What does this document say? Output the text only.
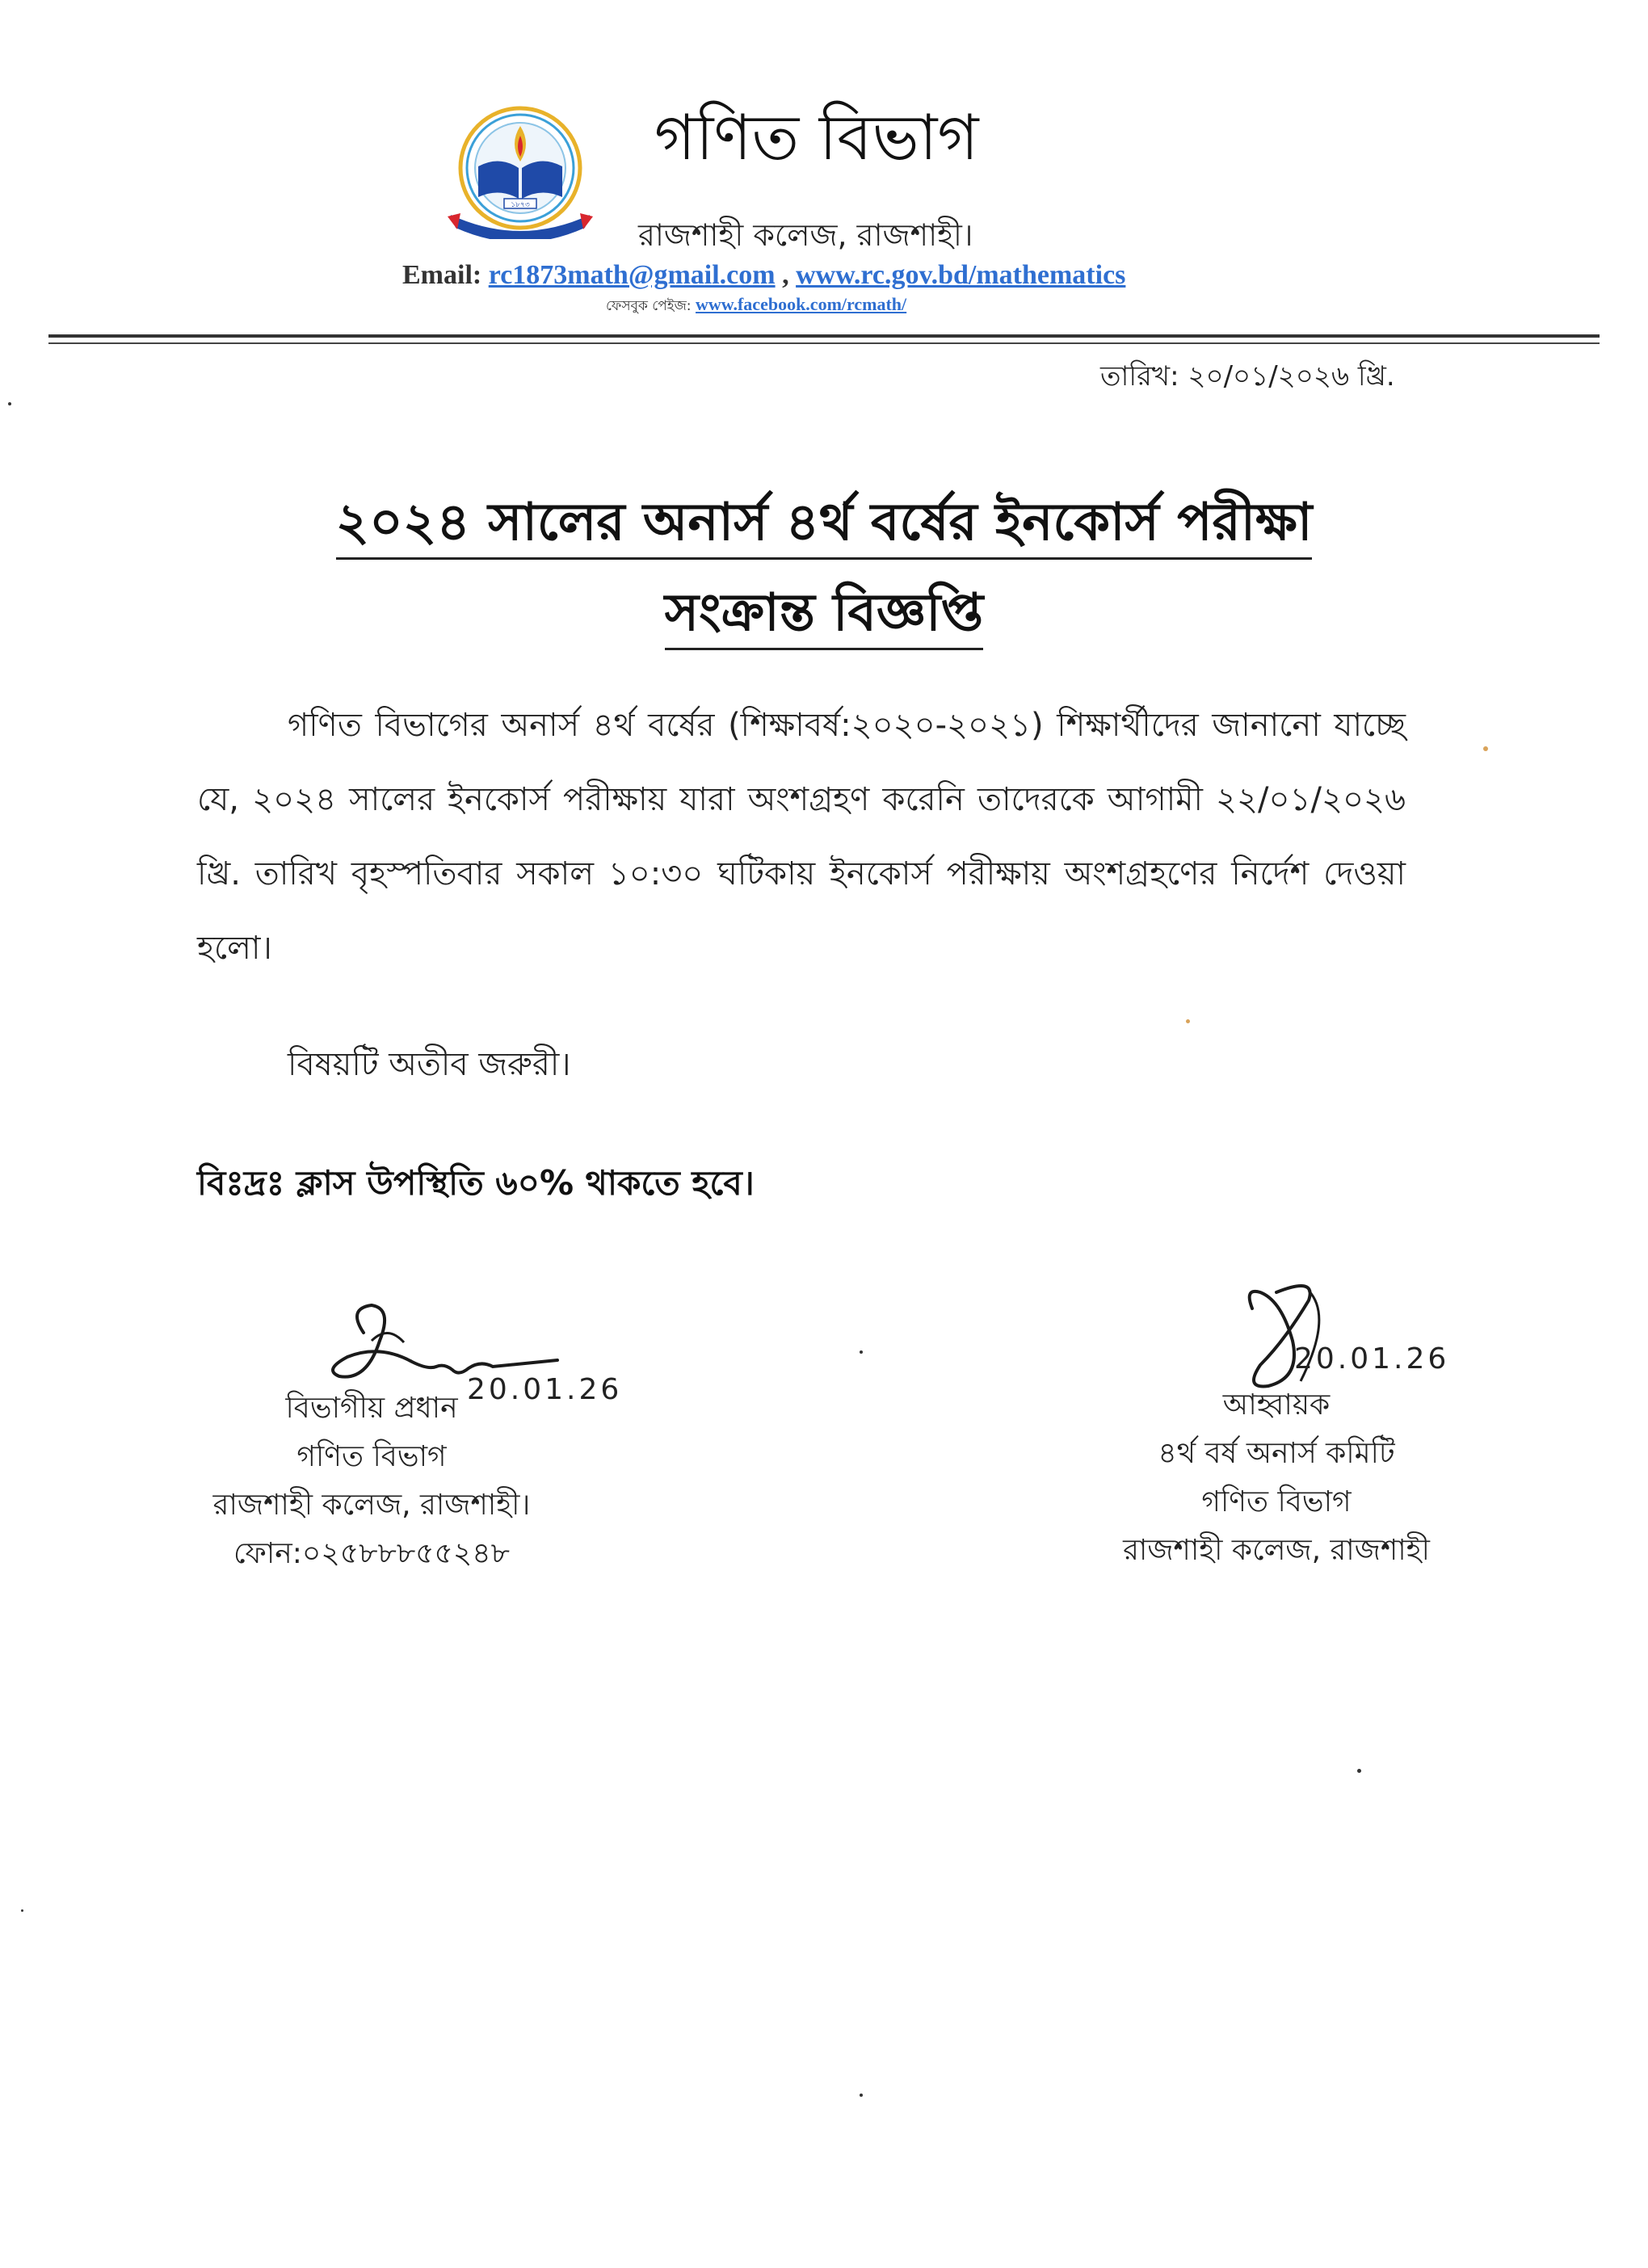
১৮৭৩
গণিত বিভাগ
রাজশাহী কলেজ, রাজশাহী।
Email: rc1873math@gmail.com , www.rc.gov.bd/mathematics
ফেসবুক পেইজ: www.facebook.com/rcmath/
তারিখ: ২০/০১/২০২৬ খ্রি.
২০২৪ সালের অনার্স ৪র্থ বর্ষের ইনকোর্স পরীক্ষা
সংক্রান্ত বিজ্ঞপ্তি
গণিত বিভাগের অনার্স ৪র্থ বর্ষের (শিক্ষাবর্ষ:২০২০-২০২১) শিক্ষার্থীদের জানানো যাচ্ছে যে, ২০২৪ সালের ইনকোর্স পরীক্ষায় যারা অংশগ্রহণ করেনি তাদেরকে আগামী ২২/০১/২০২৬ খ্রি. তারিখ বৃহস্পতিবার সকাল ১০:৩০ ঘটিকায় ইনকোর্স পরীক্ষায় অংশগ্রহণের নির্দেশ দেওয়া হলো।
বিষয়টি অতীব জরুরী।
বিঃদ্রঃ ক্লাস উপস্থিতি ৬০% থাকতে হবে।
20.01.26
বিভাগীয় প্রধান
গণিত বিভাগ
রাজশাহী কলেজ, রাজশাহী।
ফোন:০২৫৮৮৮৫৫২৪৮
20.01.26
আহ্বায়ক
৪র্থ বর্ষ অনার্স কমিটি
গণিত বিভাগ
রাজশাহী কলেজ, রাজশাহী
